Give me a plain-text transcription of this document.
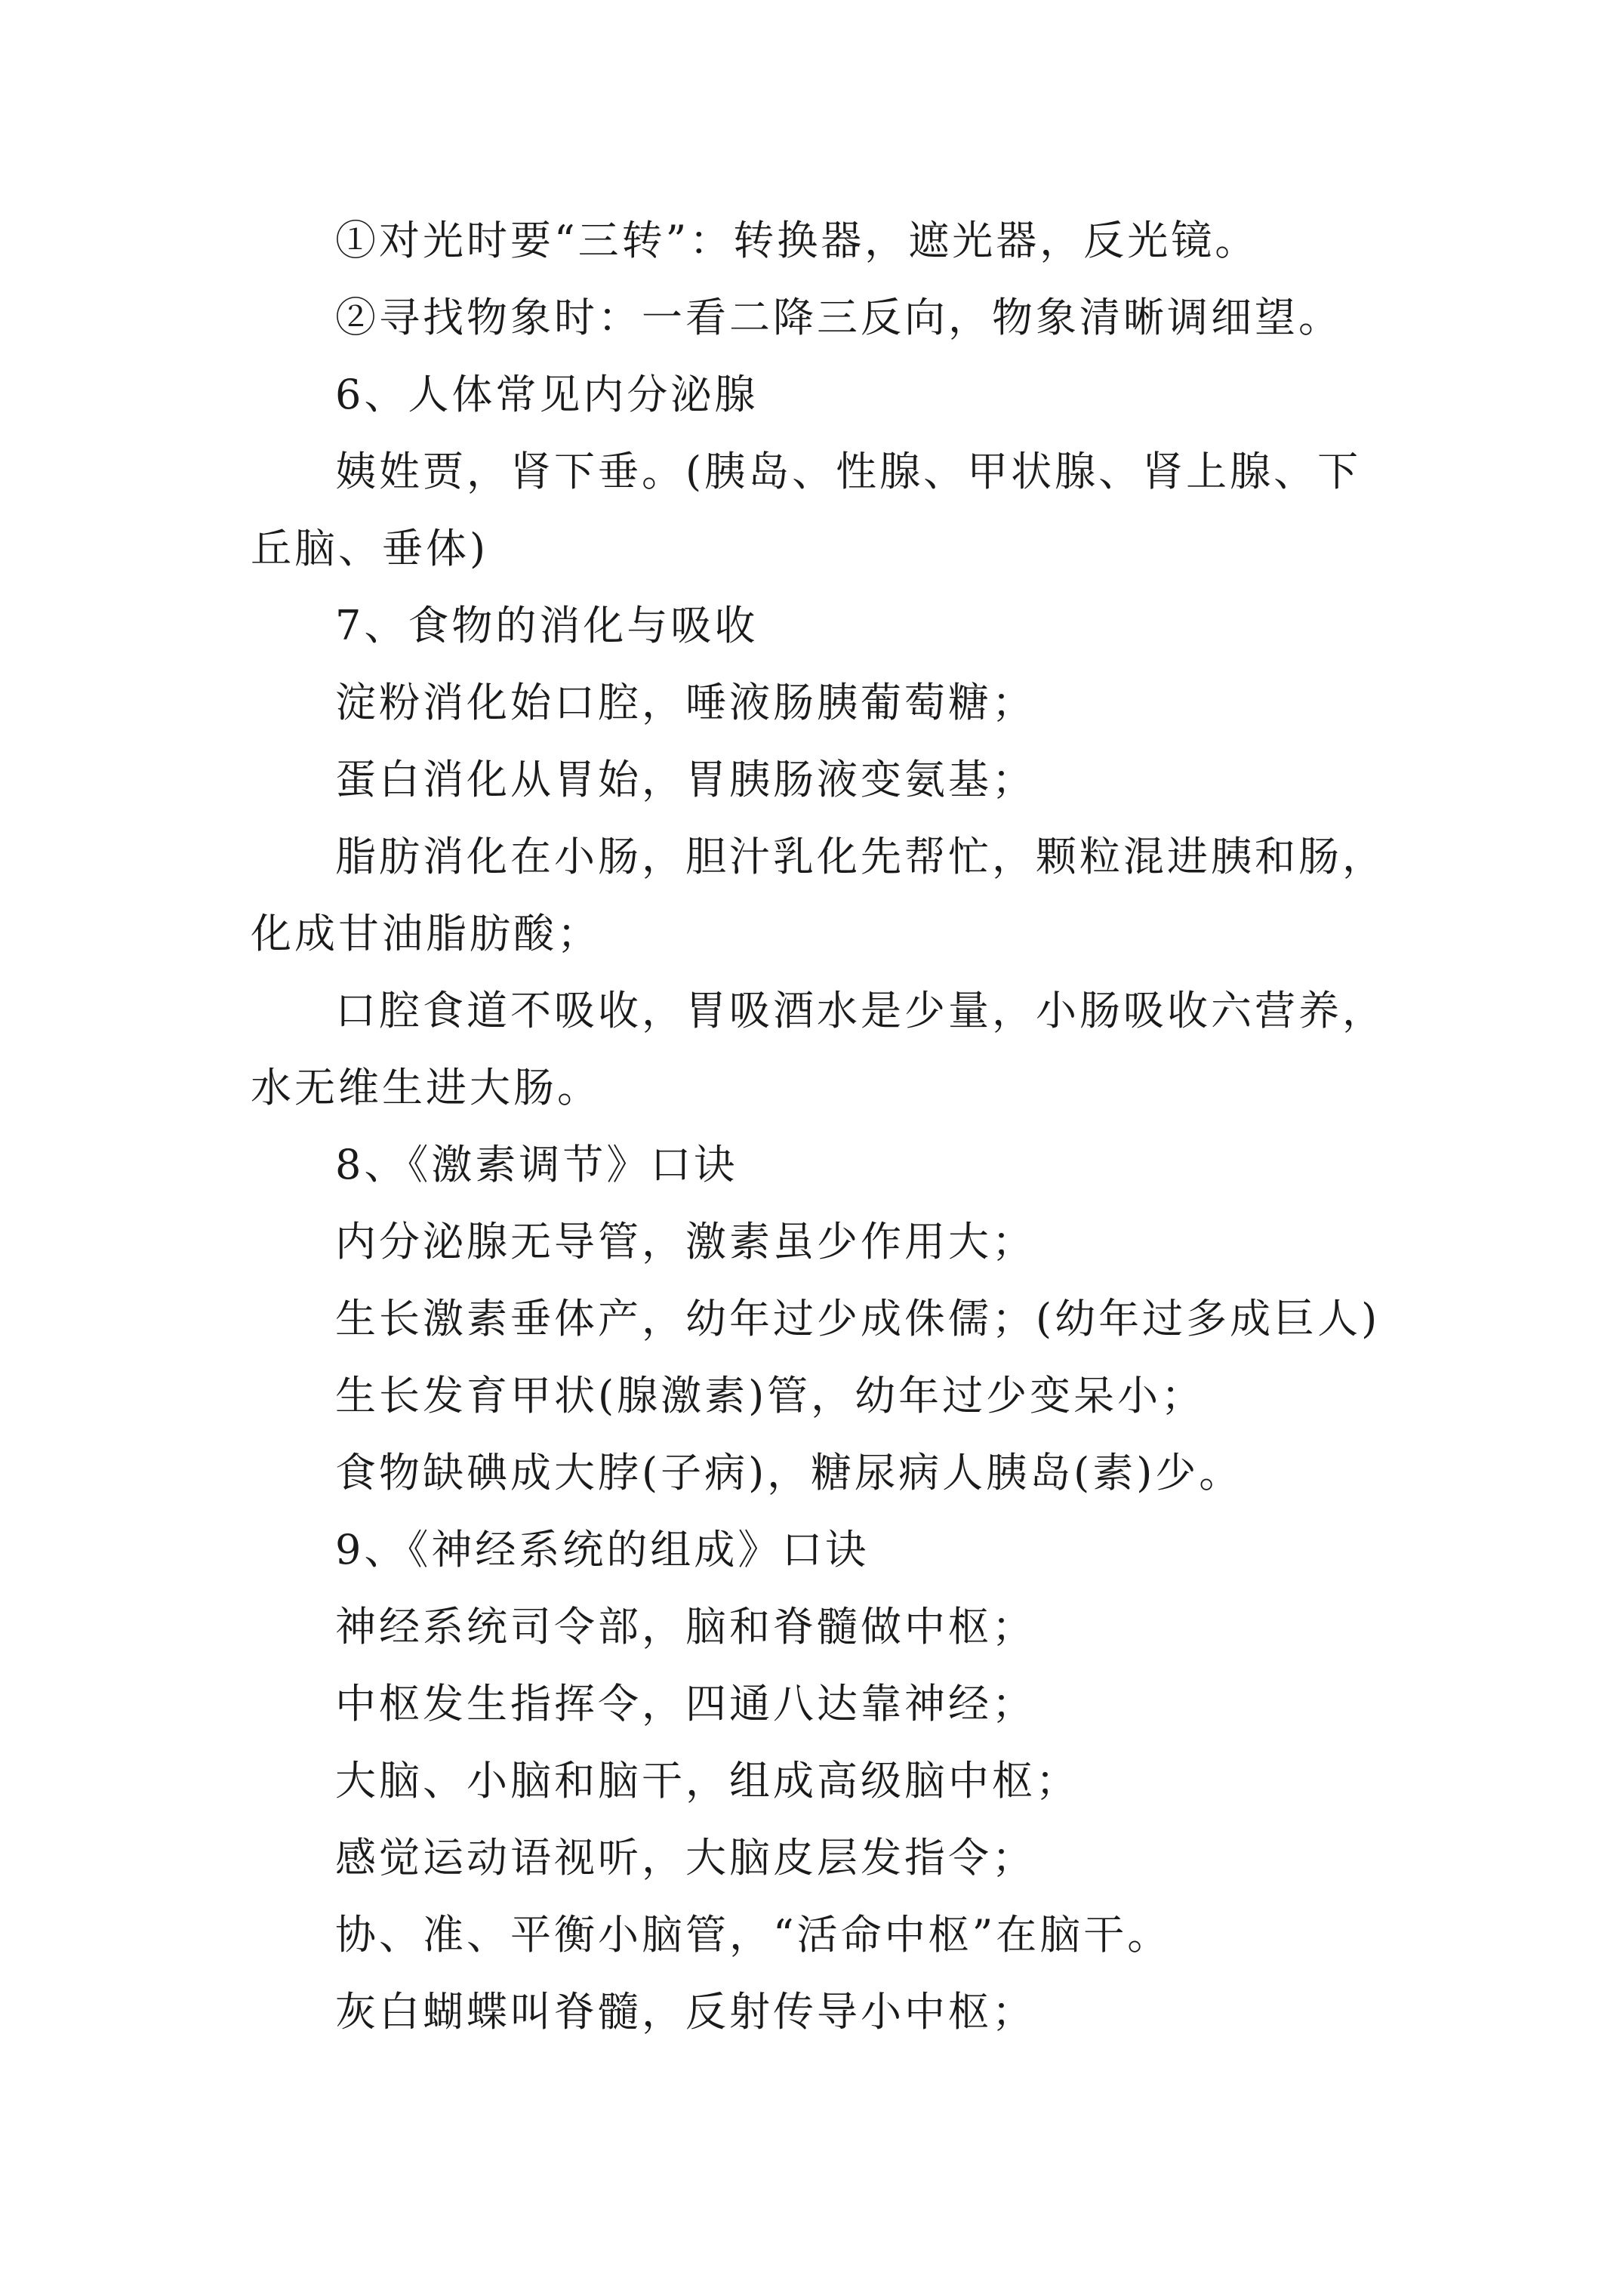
①对光时要“三转”：转换器，遮光器，反光镜。
②寻找物象时：一看二降三反向，物象清晰调细望。
6、人体常见内分泌腺
姨姓贾，肾下垂。(胰岛、性腺、甲状腺、肾上腺、下
丘脑、垂体)
7、食物的消化与吸收
淀粉消化始口腔，唾液肠胰葡萄糖；
蛋白消化从胃始，胃胰肠液变氨基；
脂肪消化在小肠，胆汁乳化先帮忙，颗粒混进胰和肠，
化成甘油脂肪酸；
口腔食道不吸收，胃吸酒水是少量，小肠吸收六营养，
水无维生进大肠。
8、《激素调节》口诀
内分泌腺无导管，激素虽少作用大；
生长激素垂体产，幼年过少成侏儒；(幼年过多成巨人)
生长发育甲状(腺激素)管，幼年过少变呆小；
食物缺碘成大脖(子病)，糖尿病人胰岛(素)少。
9、《神经系统的组成》口诀
神经系统司令部，脑和脊髓做中枢；
中枢发生指挥令，四通八达靠神经；
大脑、小脑和脑干，组成高级脑中枢；
感觉运动语视听，大脑皮层发指令；
协、准、平衡小脑管，“活命中枢”在脑干。
灰白蝴蝶叫脊髓，反射传导小中枢；
